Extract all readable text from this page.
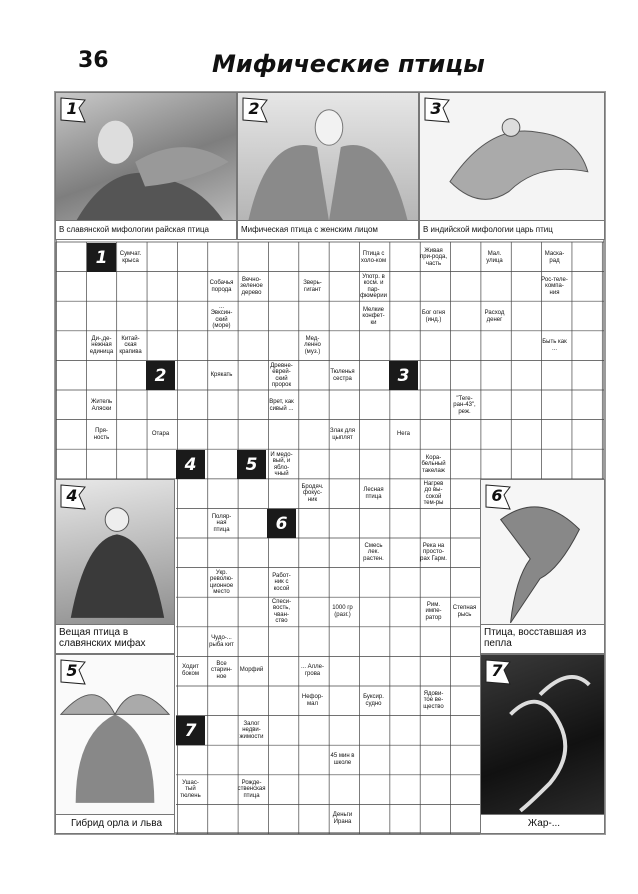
36	Мифические птицы
1
В славянской мифологии райская птица
2
Мифическая птица с женским лицом
3
В индийской мифологии царь птиц
4
Вещая птица в славянских мифах
5
Гибрид орла и льва
6
Птица, восставшая из пепла
7
Жар-...
1
2	3
4	5
6
7
Сумчат. крыса
Птица с холо-ком
Живая при-рода, часть
Мал. улица
Маска-рад
Собачья порода
Вечно-зеленое дерево
Зверь-гигант
Употр. в косм. и пар-фюмерии
Рос-теле-компа-ния
... Эвксин-ский (море)
Мелкие конфет-ки
Бог огня (инд.)
Расход денег
Ди-,де-нежная единица
Китай-ская крапива
Мед-ленно (муз.)
Быть как ...
Крякать
Древне-еврей-ский пророк
Тюленья сестра
Житель Аляски
Врет, как сивый ...
"Теге-ран-43", реж.
Пря-ность
Отара
Злак для цыплят
Нега
И медо-вый, и ябло-чный
Кора-бельный такелаж
Бродяч. фокус-ник
Лесная птица
Нагрев до вы-сокой тем-ры
Поляр-ная птица
Смесь лек. растен.
Река на просто-рах Гарм.
Укр. револю-ционное место
Работ-ник с косой
Спеси-вость, чван-ство
1000 гр (разг.)
Рим. импе-ратор
Степная рысь
Чудо-... рыба кит
Ходит боком
Все старин-ное
Морфий
... Алле-грова
Нефор-мал
Буксир. судно
Ядови-тое ве-щество
Залог недви-жимости
45 мин в школе
Ушас-тый тюлень
Рожде-ственская птица
Деньги Ирана
